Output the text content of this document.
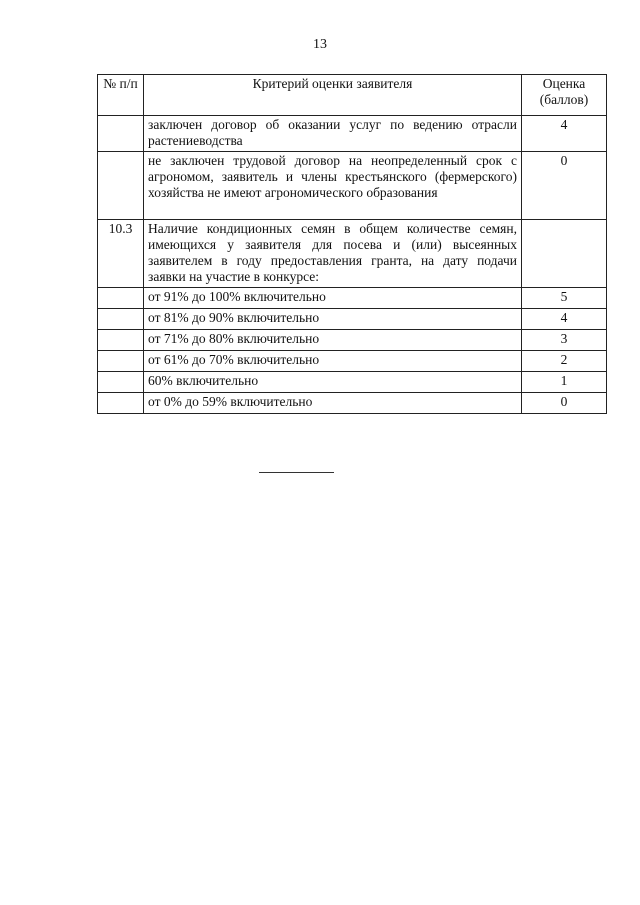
13
№ п/п	Критерий оценки заявителя	Оценка (баллов)
	заключен договор об оказании услуг по ведению отрасли растениеводства	4
	не заключен трудовой договор на неопределенный срок с агрономом, заявитель и члены крестьянского (фермерского) хозяйства не имеют агрономического образования	0
10.3	Наличие кондиционных семян в общем количестве семян, имеющихся у заявителя для посева и (или) высеянных заявителем в году предоставления гранта, на дату подачи заявки на участие в конкурсе:	
	от 91% до 100% включительно	5
	от 81% до 90% включительно	4
	от 71% до 80% включительно	3
	от 61% до 70% включительно	2
	60% включительно	1
	от 0% до 59% включительно	0
